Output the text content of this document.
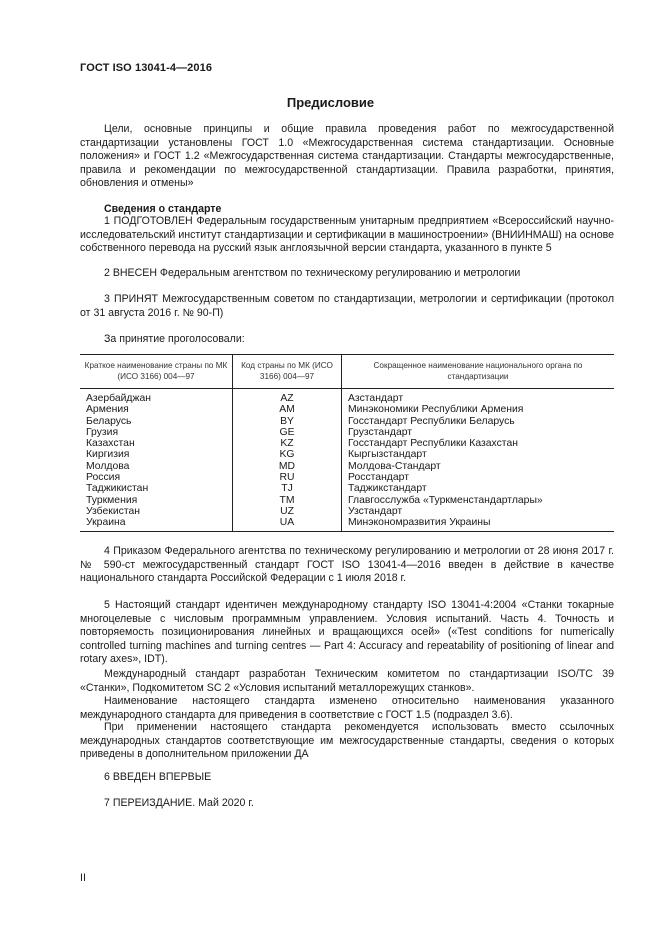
ГОСТ ISO 13041-4—2016
Предисловие
Цели, основные принципы и общие правила проведения работ по межгосударственной стандартизации установлены ГОСТ 1.0 «Межгосударственная система стандартизации. Основные положения» и ГОСТ 1.2 «Межгосударственная система стандартизации. Стандарты межгосударственные, правила и рекомендации по межгосударственной стандартизации. Правила разработки, принятия, обновления и отмены»
Сведения о стандарте
1 ПОДГОТОВЛЕН Федеральным государственным унитарным предприятием «Всероссийский научно-исследовательский институт стандартизации и сертификации в машиностроении» (ВНИИНМАШ) на основе собственного перевода на русский язык англоязычной версии стандарта, указанного в пункте 5
2 ВНЕСЕН Федеральным агентством по техническому регулированию и метрологии
3 ПРИНЯТ Межгосударственным советом по стандартизации, метрологии и сертификации (протокол от 31 августа 2016 г. № 90-П)
За принятие проголосовали:
Краткое наименование страны по МК (ИСО 3166) 004—97	Код страны по МК (ИСО 3166) 004—97	Сокращенное наименование национального органа по стандартизации
Азербайджан	AZ	Азстандарт
Армения	AM	Минэкономики Республики Армения
Беларусь	BY	Госстандарт Республики Беларусь
Грузия	GE	Грузстандарт
Казахстан	KZ	Госстандарт Республики Казахстан
Киргизия	KG	Кыргызстандарт
Молдова	MD	Молдова-Стандарт
Россия	RU	Росстандарт
Таджикистан	TJ	Таджикстандарт
Туркмения	TM	Главгосслужба «Туркменстандартлары»
Узбекистан	UZ	Узстандарт
Украина	UA	Минэкономразвития Украины
4 Приказом Федерального агентства по техническому регулированию и метрологии от 28 июня 2017 г. № 590-ст межгосударственный стандарт ГОСТ ISO 13041-4—2016 введен в действие в качестве национального стандарта Российской Федерации с 1 июля 2018 г.
5 Настоящий стандарт идентичен международному стандарту ISO 13041-4:2004 «Станки токарные многоцелевые с числовым программным управлением. Условия испытаний. Часть 4. Точность и повторяемость позиционирования линейных и вращающихся осей» («Test conditions for numerically controlled turning machines and turning centres — Part 4: Accuracy and repeatability of positioning of linear and rotary axes», IDT).
Международный стандарт разработан Техническим комитетом по стандартизации ISO/TC 39 «Станки», Подкомитетом SC 2 «Условия испытаний металлорежущих станков».
Наименование настоящего стандарта изменено относительно наименования указанного международного стандарта для приведения в соответствие с ГОСТ 1.5 (подраздел 3.6).
При применении настоящего стандарта рекомендуется использовать вместо ссылочных международных стандартов соответствующие им межгосударственные стандарты, сведения о которых приведены в дополнительном приложении ДА
6 ВВЕДЕН ВПЕРВЫЕ
7 ПЕРЕИЗДАНИЕ. Май 2020 г.
II
